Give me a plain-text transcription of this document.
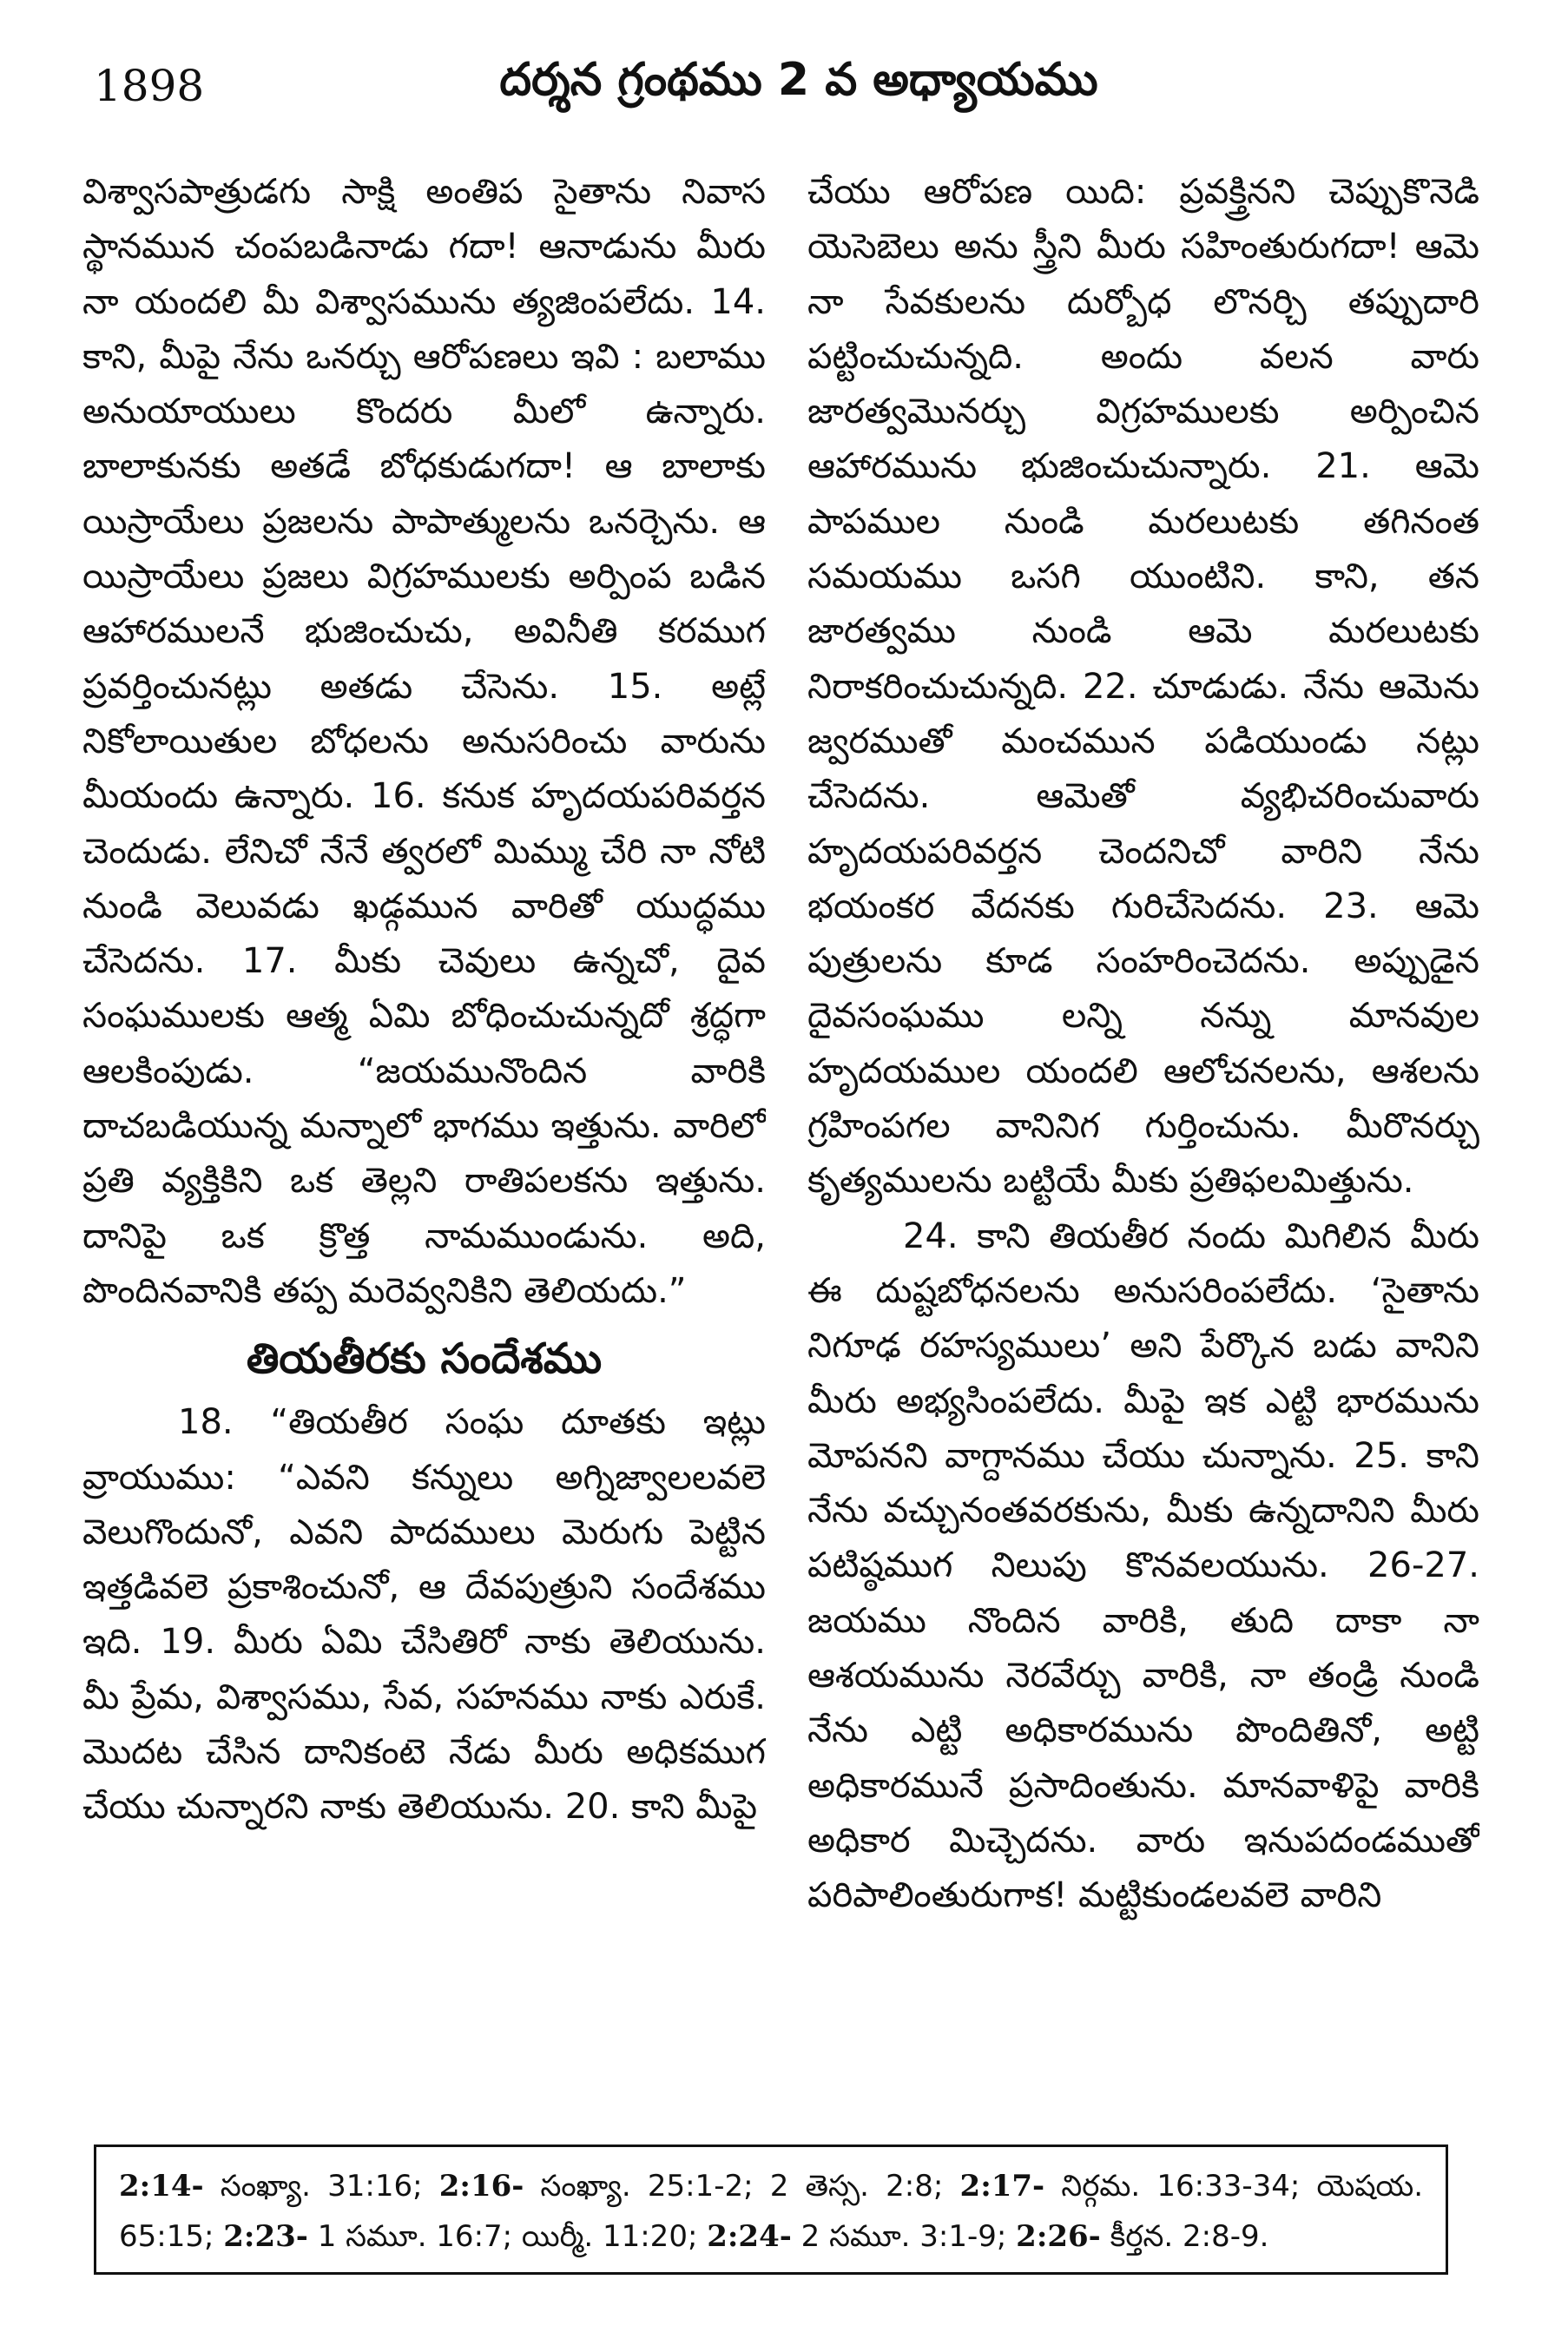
1898	దర్శన గ్రంథము 2 వ అధ్యాయము

విశ్వాసపాత్రుడగు సాక్షి అంతిప సైతాను నివాస స్థానమున చంపబడినాడు గదా! ఆనాడును మీరు నా యందలి మీ విశ్వాసమును త్యజింపలేదు. 14. కాని, మీపై నేను ఒనర్చు ఆరోపణలు ఇవి : బలాము అనుయాయులు కొందరు మీలో ఉన్నారు. బాలాకునకు అతడే బోధకుడుగదా! ఆ బాలాకు యిస్రాయేలు ప్రజలను పాపాత్ములను ఒనర్చెను. ఆ యిస్రాయేలు ప్రజలు విగ్రహములకు అర్పింప బడిన ఆహారములనే భుజించుచు, అవినీతి కరముగ ప్రవర్తించునట్లు అతడు చేసెను. 15. అట్లే నికోలాయితుల బోధలను అనుసరించు వారును మీయందు ఉన్నారు. 16. కనుక హృదయపరివర్తన చెందుడు. లేనిచో నేనే త్వరలో మిమ్ము చేరి నా నోటి నుండి వెలువడు ఖడ్గమున వారితో యుద్ధము చేసెదను. 17. మీకు చెవులు ఉన్నచో, దైవ సంఘములకు ఆత్మ ఏమి బోధించుచున్నదో శ్రద్ధగా ఆలకింపుడు. “జయమునొందిన వారికి దాచబడియున్న మన్నాలో భాగము ఇత్తును. వారిలో ప్రతి వ్యక్తికిని ఒక తెల్లని రాతిపలకను ఇత్తును. దానిపై ఒక క్రొత్త నామముండును. అది, పొందినవానికి తప్ప మరెవ్వనికిని తెలియదు.”

తియతీరకు సందేశము

18. “తియతీర సంఘ దూతకు ఇట్లు వ్రాయుము: “ఎవని కన్నులు అగ్నిజ్వాలలవలె వెలుగొందునో, ఎవని పాదములు మెరుగు పెట్టిన ఇత్తడివలె ప్రకాశించునో, ఆ దేవపుత్రుని సందేశము ఇది. 19. మీరు ఏమి చేసితిరో నాకు తెలియును. మీ ప్రేమ, విశ్వాసము, సేవ, సహనము నాకు ఎరుకే. మొదట చేసిన దానికంటె నేడు మీరు అధికముగ చేయు చున్నారని నాకు తెలియును. 20. కాని మీపై

చేయు ఆరోపణ యిది: ప్రవక్త్రినని చెప్పుకొనెడి యెసెబెలు అను స్త్రీని మీరు సహింతురుగదా! ఆమె నా సేవకులను దుర్బోధ లొనర్చి తప్పుదారి పట్టించుచున్నది. అందు వలన వారు జారత్వమొనర్చు విగ్రహములకు అర్పించిన ఆహారమును భుజించుచున్నారు. 21. ఆమె పాపముల నుండి మరలుటకు తగినంత సమయము ఒసగి యుంటిని. కాని, తన జారత్వము నుండి ఆమె మరలుటకు నిరాకరించుచున్నది. 22. చూడుడు. నేను ఆమెను జ్వరముతో మంచమున పడియుండు నట్లు చేసెదను. ఆమెతో వ్యభిచరించువారు హృదయపరివర్తన చెందనిచో వారిని నేను భయంకర వేదనకు గురిచేసెదను. 23. ఆమె పుత్రులను కూడ సంహరించెదను. అప్పుడైన దైవసంఘము లన్ని నన్ను మానవుల హృదయముల యందలి ఆలోచనలను, ఆశలను గ్రహింపగల వానినిగ గుర్తించును. మీరొనర్చు కృత్యములను బట్టియే మీకు ప్రతిఫలమిత్తును.

24. కాని తియతీర నందు మిగిలిన మీరు ఈ దుష్టబోధనలను అనుసరింపలేదు. ‘సైతాను నిగూఢ రహస్యములు’ అని పేర్కొన బడు వానిని మీరు అభ్యసింపలేదు. మీపై ఇక ఎట్టి భారమును మోపనని వాగ్దానము చేయు చున్నాను. 25. కాని నేను వచ్చునంతవరకును, మీకు ఉన్నదానిని మీరు పటిష్ఠముగ నిలుపు కొనవలయును. 26-27. జయము నొందిన వారికి, తుది దాకా నా ఆశయమును నెరవేర్చు వారికి, నా తండ్రి నుండి నేను ఎట్టి అధికారమును పొందితినో, అట్టి అధికారమునే ప్రసాదింతును. మానవాళిపై వారికి అధికార మిచ్చెదను. వారు ఇనుపదండముతో పరిపాలింతురుగాక! మట్టికుండలవలె వారిని

2:14- సంఖ్యా. 31:16; 2:16- సంఖ్యా. 25:1-2; 2 తెస్స. 2:8; 2:17- నిర్గమ. 16:33-34; యెషయ. 65:15; 2:23- 1 సమూ. 16:7; యిర్మీ. 11:20; 2:24- 2 సమూ. 3:1-9; 2:26- కీర్తన. 2:8-9.
